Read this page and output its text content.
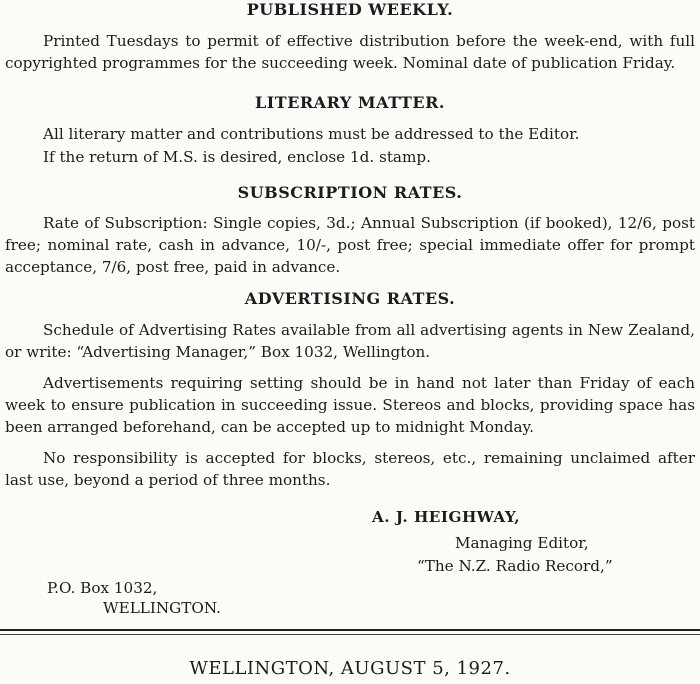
PUBLISHED WEEKLY.

Printed Tuesdays to permit of effective distribution before the week-end, with full copyrighted programmes for the succeeding week. Nominal date of publication Friday.

LITERARY MATTER.

All literary matter and contributions must be addressed to the Editor.

If the return of M.S. is desired, enclose 1d. stamp.

SUBSCRIPTION RATES.

Rate of Subscription: Single copies, 3d.; Annual Subscription (if booked), 12/6, post free; nominal rate, cash in advance, 10/-, post free; special immediate offer for prompt acceptance, 7/6, post free, paid in advance.

ADVERTISING RATES.

Schedule of Advertising Rates available from all advertising agents in New Zealand, or write: “Advertising Manager,” Box 1032, Wellington.

Advertisements requiring setting should be in hand not later than Friday of each week to ensure publication in succeeding issue. Stereos and blocks, providing space has been arranged beforehand, can be accepted up to midnight Monday.

No responsibility is accepted for blocks, stereos, etc., remaining unclaimed after last use, beyond a period of three months.

A. J. HEIGHWAY,

Managing Editor,

“The N.Z. Radio Record,”

P.O. Box 1032,

WELLINGTON.

WELLINGTON, AUGUST 5, 1927.
